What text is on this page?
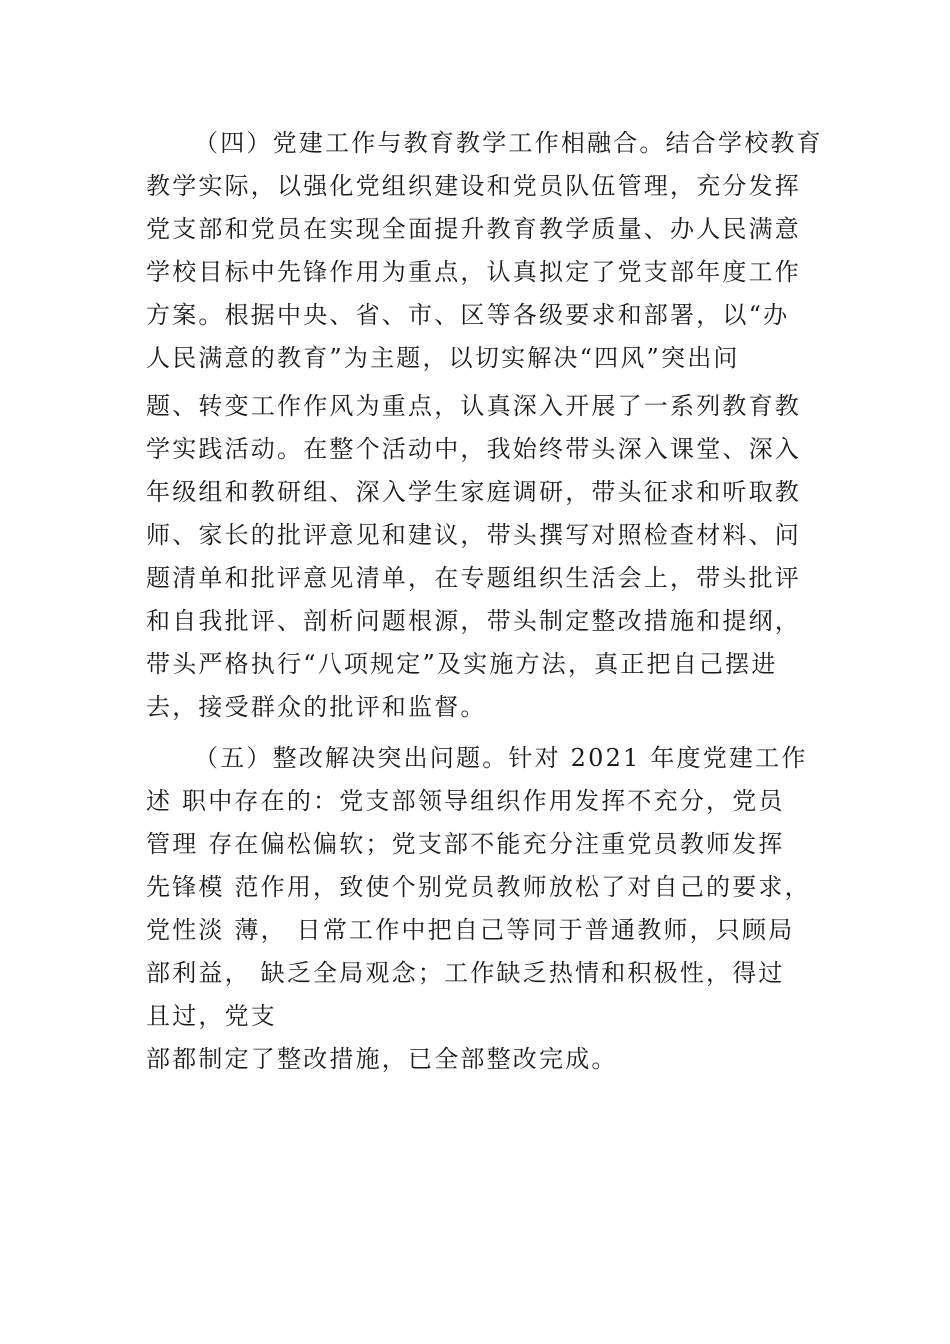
（四）党建工作与教育教学工作相融合。结合学校教育
教学实际，以强化党组织建设和党员队伍管理，充分发挥
党支部和党员在实现全面提升教育教学质量、办人民满意
学校目标中先锋作用为重点，认真拟定了党支部年度工作
方案。根据中央、省、市、区等各级要求和部署，以“办
人民满意的教育”为主题，以切实解决“四风”突出问
题、转变工作作风为重点，认真深入开展了一系列教育教
学实践活动。在整个活动中，我始终带头深入课堂、深入
年级组和教研组、深入学生家庭调研，带头征求和听取教
师、家长的批评意见和建议，带头撰写对照检查材料、问
题清单和批评意见清单，在专题组织生活会上，带头批评
和自我批评、剖析问题根源，带头制定整改措施和提纲，
带头严格执行“八项规定”及实施方法，真正把自己摆进
去，接受群众的批评和监督。
（五）整改解决突出问题。针对 2021 年度党建工作
述 职中存在的：党支部领导组织作用发挥不充分，党员
管理 存在偏松偏软；党支部不能充分注重党员教师发挥
先锋模 范作用，致使个别党员教师放松了对自己的要求，
党性淡 薄， 日常工作中把自己等同于普通教师，只顾局
部利益， 缺乏全局观念；工作缺乏热情和积极性，得过
且过，党支
部都制定了整改措施，已全部整改完成。
